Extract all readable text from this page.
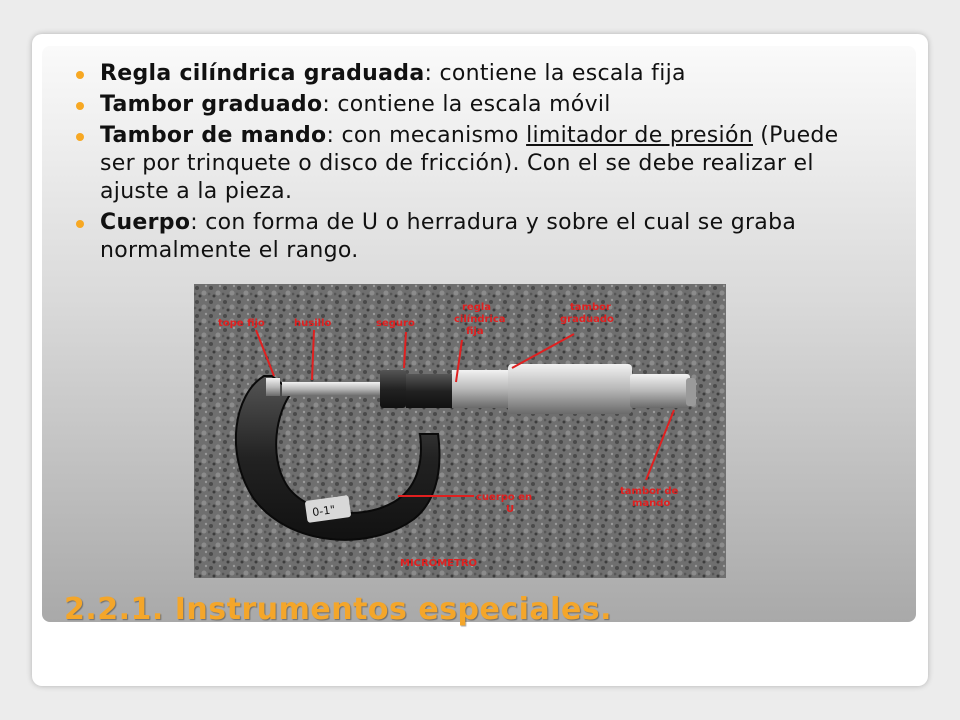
Regla cilíndrica graduada: contiene la escala fija
Tambor graduado: contiene la escala móvil
Tambor de mando: con mecanismo limitador de presión (Puede ser por trinquete o disco de fricción). Con el se debe realizar el ajuste a la pieza.
Cuerpo: con forma de U o herradura y sobre el cual se graba normalmente el rango.
0-1"
tope fijo	husillo	seguro
regla
cilíndrica
fija
tambor
graduado
cuerpo en
U
tambor de
mando
MICRÓMETRO
2.2.1. Instrumentos especiales.
